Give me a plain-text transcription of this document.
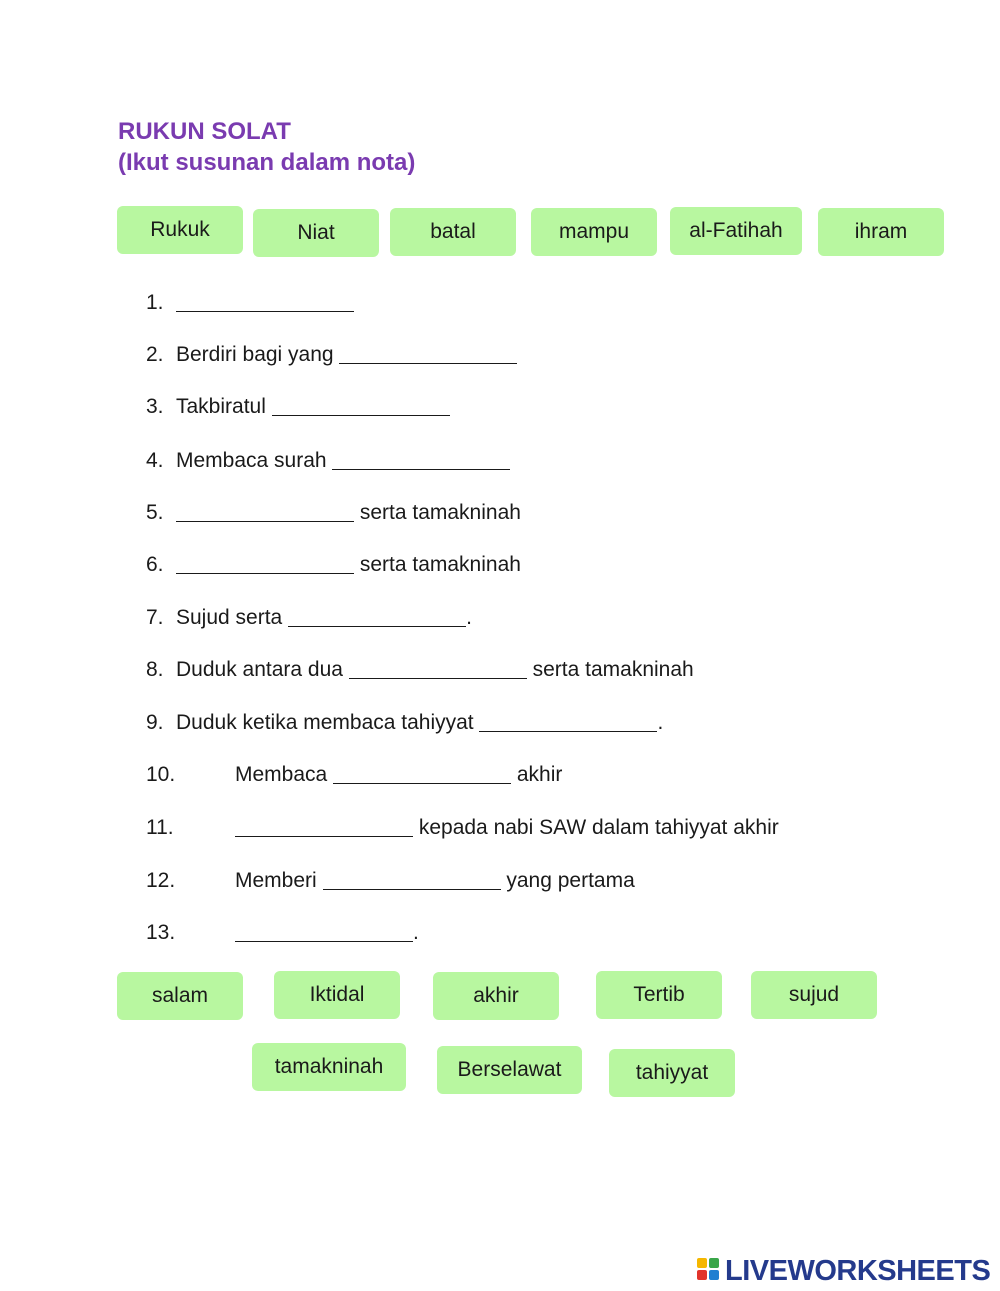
RUKUN SOLAT
(Ikut susunan dalam nota)
Rukuk	Niat	batal	mampu	al-Fatihah	ihram
1.
2. Berdiri bagi yang
3. Takbiratul
4. Membaca surah
5.	serta tamakninah
6.	serta tamakninah
7. Sujud serta	.
8. Duduk antara dua	serta tamakninah
9. Duduk ketika membaca tahiyyat	.
10.	Membaca	akhir
11.	kepada nabi SAW dalam tahiyyat akhir
12.	Memberi	yang pertama
13.	.
salam	Iktidal	akhir	Tertib	sujud
tamakninah	Berselawat	tahiyyat
LIVEWORKSHEETS
